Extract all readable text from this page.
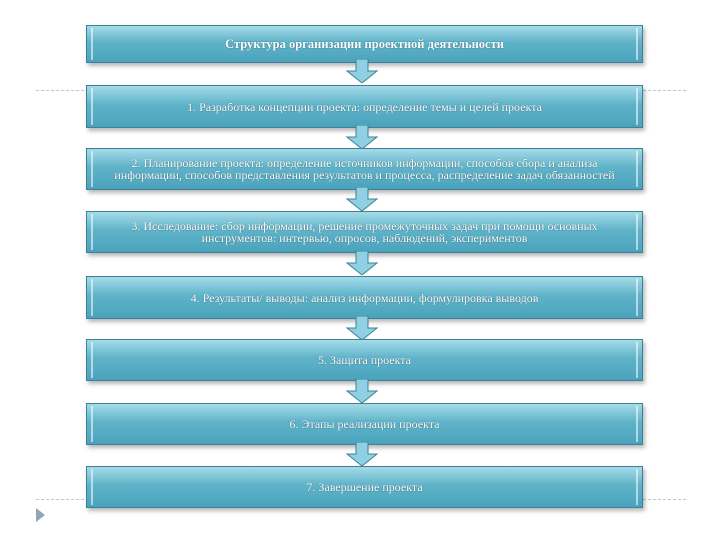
Структура организации проектной деятельности
1. Разработка концепции проекта: определение темы и целей проекта
2. Планирование проекта: определение источников информации, способов сбора и анализа информации, способов представления результатов и процесса, распределение задач обязанностей
3. Исследование: сбор информации, решение промежуточных задач при помощи основных инструментов: интервью, опросов, наблюдений, экспериментов
4. Результаты/ выводы: анализ информации, формулировка выводов
5. Защита проекта
6. Этапы реализации проекта
7. Завершение проекта
